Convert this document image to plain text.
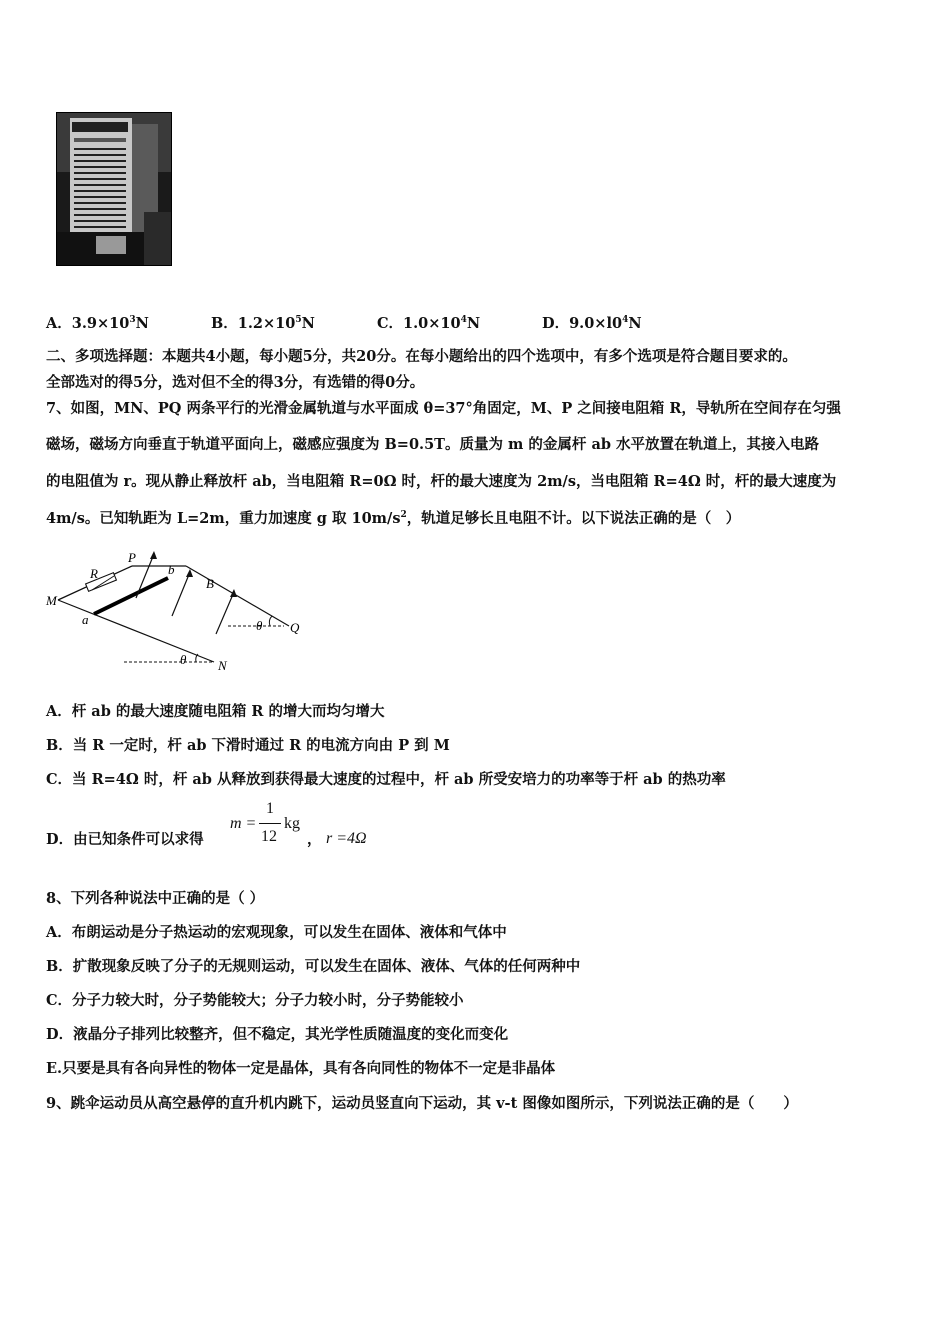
A．$3.9\times 10^3N$	B．$1.2\times 10^5N$	C．$1.0\times 10^4N$	D．$9.0\times l0^4N$
二、多项选择题：本题共4小题，每小题5分，共20分。在每小题给出的四个选项中，有多个选项是符合题目要求的。
全部选对的得5分，选对但不全的得3分，有选错的得0分。
7、如图，MN、PQ 两条平行的光滑金属轨道与水平面成 θ=37°角固定，M、P 之间接电阻箱 R，导轨所在空间存在匀强
磁场，磁场方向垂直于轨道平面向上，磁感应强度为 B=0.5T。质量为 m 的金属杆 ab 水平放置在轨道上，其接入电路
的电阻值为 r。现从静止释放杆 ab，当电阻箱 R=0Ω 时，杆的最大速度为 2m/s，当电阻箱 R=4Ω 时，杆的最大速度为
4m/s。已知轨距为 L=2m，重力加速度 g 取 $10m/s^2$，轨道足够长且电阻不计。以下说法正确的是（　）
R
P
b
B
M
a	θ Q
θ N
A．杆 ab 的最大速度随电阻箱 R 的增大而均匀增大
B．当 R 一定时，杆 ab 下滑时通过 R 的电流方向由 P 到 M
C．当 R=4Ω 时，杆 ab 从释放到获得最大速度的过程中，杆 ab 所受安培力的功率等于杆 ab 的热功率
D．由已知条件可以求得
m =
1
12
kg
， r =4Ω
8、下列各种说法中正确的是（ ）
A．布朗运动是分子热运动的宏观现象，可以发生在固体、液体和气体中
B．扩散现象反映了分子的无规则运动，可以发生在固体、液体、气体的任何两种中
C．分子力较大时，分子势能较大；分子力较小时，分子势能较小
D．液晶分子排列比较整齐，但不稳定，其光学性质随温度的变化而变化
E.只要是具有各向异性的物体一定是晶体，具有各向同性的物体不一定是非晶体
9、跳伞运动员从高空悬停的直升机内跳下，运动员竖直向下运动，其 v-t 图像如图所示，下列说法正确的是（　　）
